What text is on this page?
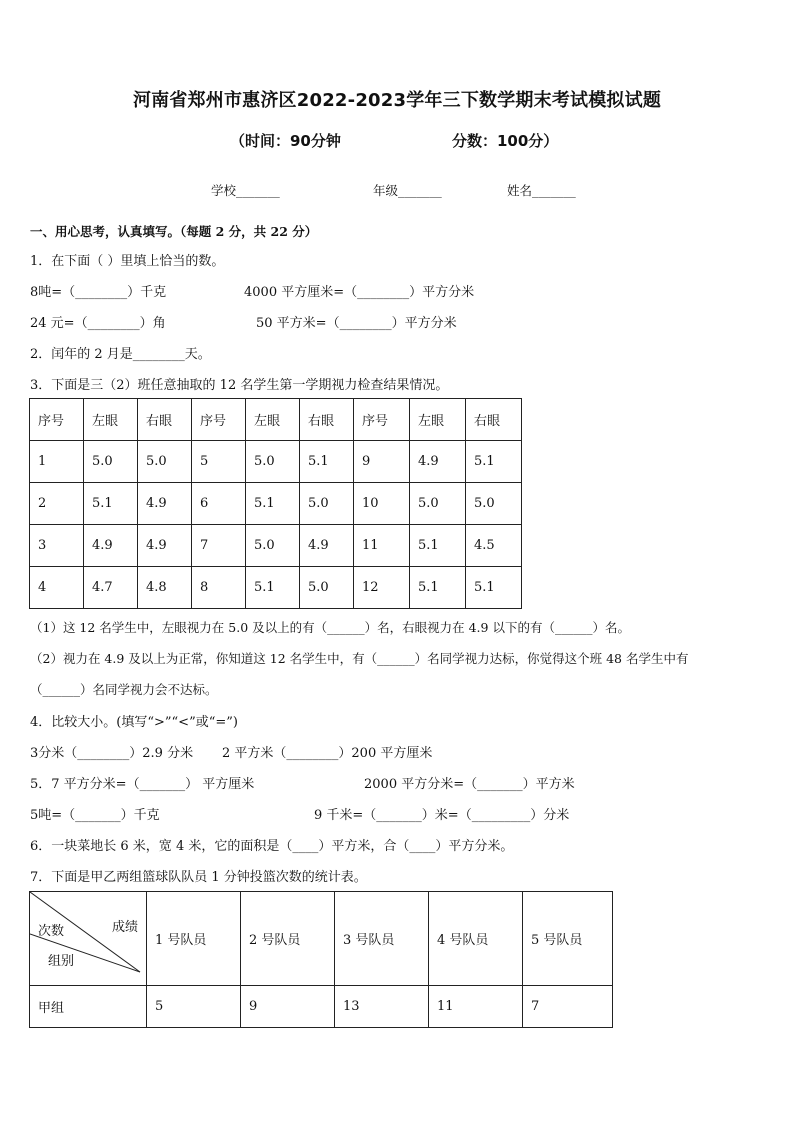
河南省郑州市惠济区2022-2023学年三下数学期末考试模拟试题
（时间：90分钟	分数：100分）
学校_______	年级_______	姓名_______
一、用心思考，认真填写。（每题 2 分，共 22 分）
1．在下面（ ）里填上恰当的数。
8吨=（________）千克	4000 平方厘米=（________）平方分米
24 元=（________）角	50 平方米=（________）平方分米
2．闰年的 2 月是________天。
3．下面是三（2）班任意抽取的 12 名学生第一学期视力检查结果情况。
序号	左眼	右眼	序号	左眼	右眼	序号	左眼	右眼
1	5.0	5.0	5	5.0	5.1	9	4.9	5.1
2	5.1	4.9	6	5.1	5.0	10	5.0	5.0
3	4.9	4.9	7	5.0	4.9	11	5.1	4.5
4	4.7	4.8	8	5.1	5.0	12	5.1	5.1
（1）这 12 名学生中，左眼视力在 5.0 及以上的有（______）名，右眼视力在 4.9 以下的有（______）名。
（2）视力在 4.9 及以上为正常，你知道这 12 名学生中，有（______）名同学视力达标，你觉得这个班 48 名学生中有
（______）名同学视力会不达标。
4．比较大小。(填写“>”“<”或“=”)
3分米（________）2.9 分米 2 平方米（________）200 平方厘米
5．7 平方分米=（_______） 平方厘米	2000 平方分米=（_______）平方米
5吨=（_______）千克	9 千米=（_______）米=（_________）分米
6．一块菜地长 6 米，宽 4 米，它的面积是（____）平方米，合（____）平方分米。
7．下面是甲乙两组篮球队队员 1 分钟投篮次数的统计表。
成绩
次数
组别	1 号队员	2 号队员	3 号队员	4 号队员	5 号队员
甲组	5	9	13	11	7
